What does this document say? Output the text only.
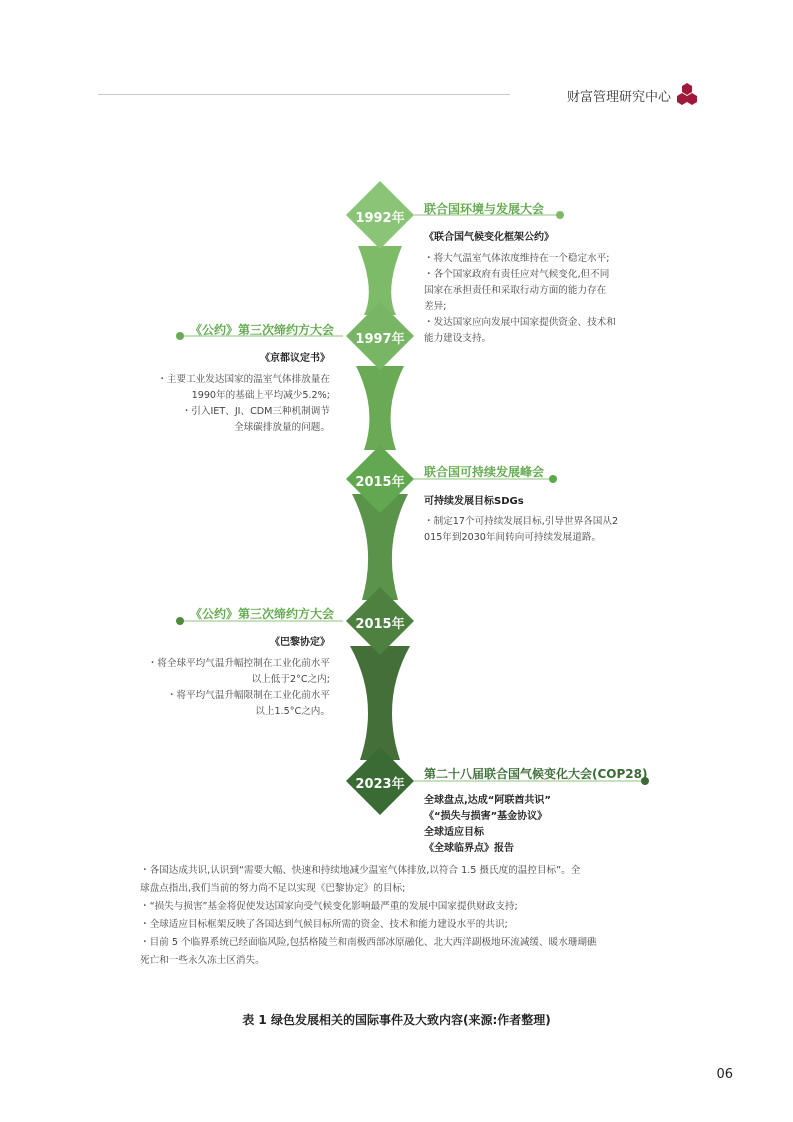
财富管理研究中心
1992年
1997年
2015年
2015年
2023年
联合国环境与发展大会
《联合国气候变化框架公约》
・将大气温室气体浓度维持在一个稳定水平;
・各个国家政府有责任应对气候变化,但不同
国家在承担责任和采取行动方面的能力存在
差异;
・发达国家应向发展中国家提供资金、技术和
能力建设支持。
《公约》第三次缔约方大会
《京都议定书》
・主要工业发达国家的温室气体排放量在
1990年的基础上平均减少5.2%;
・引入IET、JI、CDM三种机制调节
全球碳排放量的问题。
联合国可持续发展峰会
可持续发展目标SDGs
・制定17个可持续发展目标,引导世界各国从2
015年到2030年间转向可持续发展道路。
《公约》第三次缔约方大会
《巴黎协定》
・将全球平均气温升幅控制在工业化前水平
以上低于2°C之内;
・将平均气温升幅限制在工业化前水平
以上1.5°C之内。
第二十八届联合国气候变化大会(COP28)
全球盘点,达成“阿联酋共识”
《“损失与损害”基金协议》
全球适应目标
《全球临界点》报告
・各国达成共识,认识到“需要大幅、快速和持续地减少温室气体排放,以符合 1.5 摄氏度的温控目标”。全
球盘点指出,我们当前的努力尚不足以实现《巴黎协定》的目标;
・“损失与损害”基金将促使发达国家向受气候变化影响最严重的发展中国家提供财政支持;
・全球适应目标框架反映了各国达到气候目标所需的资金、技术和能力建设水平的共识;
・目前 5 个临界系统已经面临风险,包括格陵兰和南极西部冰原融化、北大西洋副极地环流减缓、暖水珊瑚礁
死亡和一些永久冻土区消失。
表 1 绿色发展相关的国际事件及大致内容(来源:作者整理)
06
